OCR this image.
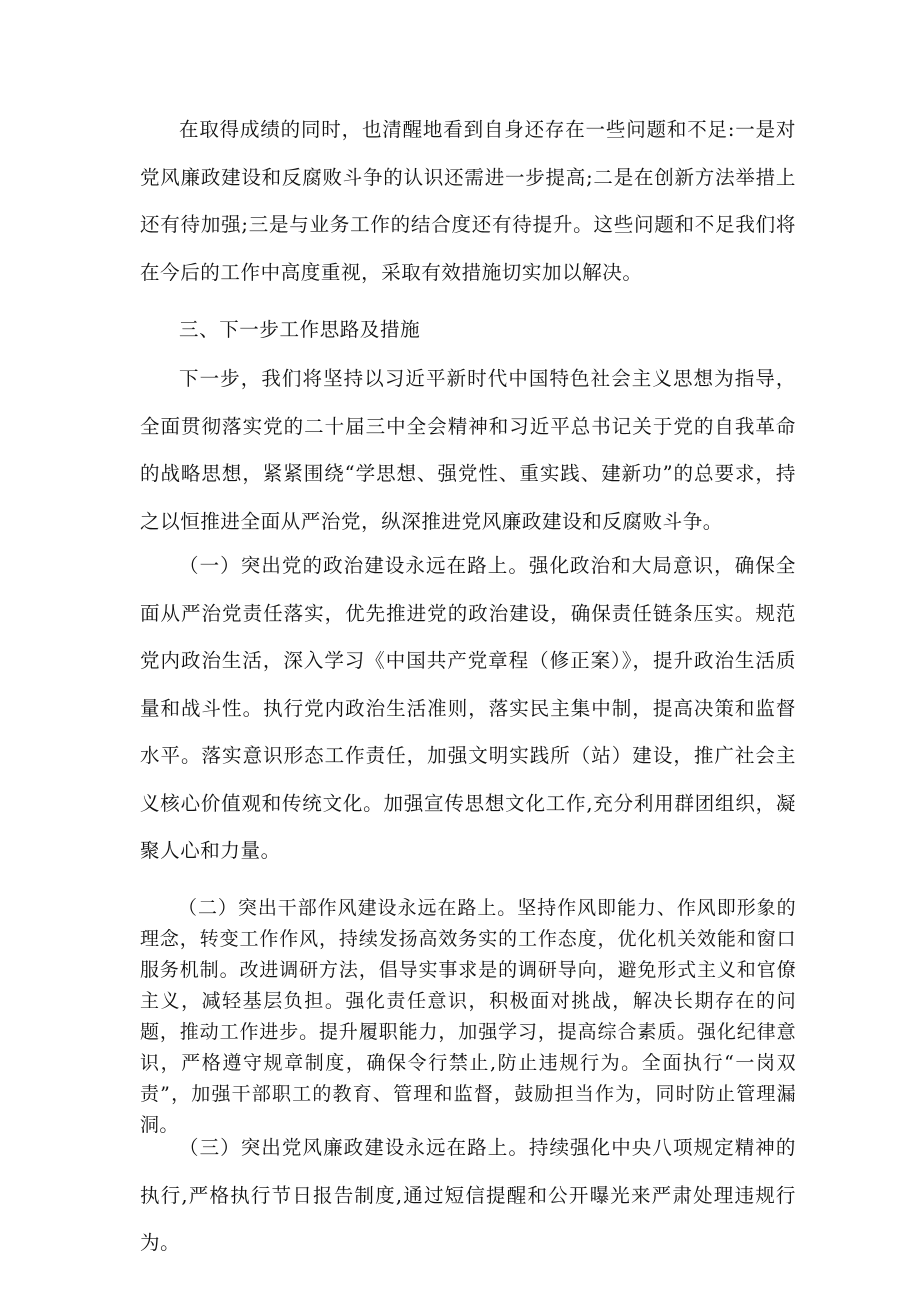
在取得成绩的同时，也清醒地看到自身还存在一些问题和不足:一是对党风廉政建设和反腐败斗争的认识还需进一步提高;二是在创新方法举措上还有待加强;三是与业务工作的结合度还有待提升。这些问题和不足我们将在今后的工作中高度重视，采取有效措施切实加以解决。

三、下一步工作思路及措施

下一步，我们将坚持以习近平新时代中国特色社会主义思想为指导，全面贯彻落实党的二十届三中全会精神和习近平总书记关于党的自我革命的战略思想，紧紧围绕“学思想、强党性、重实践、建新功”的总要求，持之以恒推进全面从严治党，纵深推进党风廉政建设和反腐败斗争。

（一）突出党的政治建设永远在路上。强化政治和大局意识，确保全面从严治党责任落实，优先推进党的政治建设，确保责任链条压实。规范党内政治生活，深入学习《中国共产党章程（修正案）》，提升政治生活质量和战斗性。执行党内政治生活准则，落实民主集中制，提高决策和监督水平。落实意识形态工作责任，加强文明实践所（站）建设，推广社会主义核心价值观和传统文化。加强宣传思想文化工作,充分利用群团组织，凝聚人心和力量。

（二）突出干部作风建设永远在路上。坚持作风即能力、作风即形象的理念，转变工作作风，持续发扬高效务实的工作态度，优化机关效能和窗口服务机制。改进调研方法，倡导实事求是的调研导向，避免形式主义和官僚主义，减轻基层负担。强化责任意识，积极面对挑战，解决长期存在的问题，推动工作进步。提升履职能力，加强学习，提高综合素质。强化纪律意识，严格遵守规章制度，确保令行禁止,防止违规行为。全面执行“一岗双责”，加强干部职工的教育、管理和监督，鼓励担当作为，同时防止管理漏洞。

（三）突出党风廉政建设永远在路上。持续强化中央八项规定精神的执行,严格执行节日报告制度,通过短信提醒和公开曝光来严肃处理违规行为。
